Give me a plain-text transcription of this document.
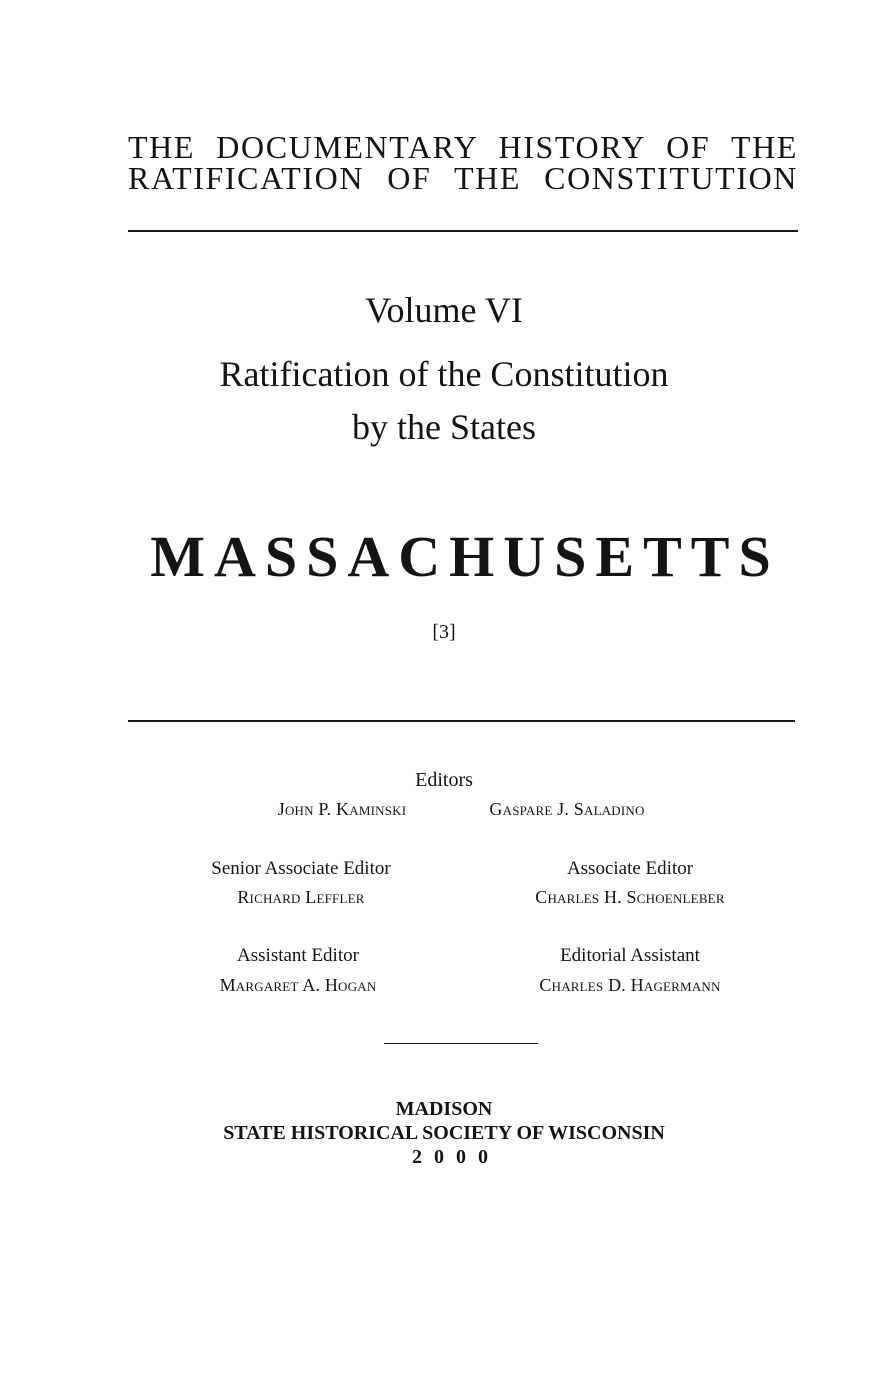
THE DOCUMENTARY HISTORY OF THE
RATIFICATION OF THE CONSTITUTION
Volume VI
Ratification of the Constitution
by the States
MASSACHUSETTS
[3]
Editors
John P. Kaminski	Gaspare J. Saladino
Senior Associate Editor
Richard Leffler
Associate Editor
Charles H. Schoenleber
Assistant Editor
Margaret A. Hogan
Editorial Assistant
Charles D. Hagermann
MADISON
STATE HISTORICAL SOCIETY OF WISCONSIN
2000
